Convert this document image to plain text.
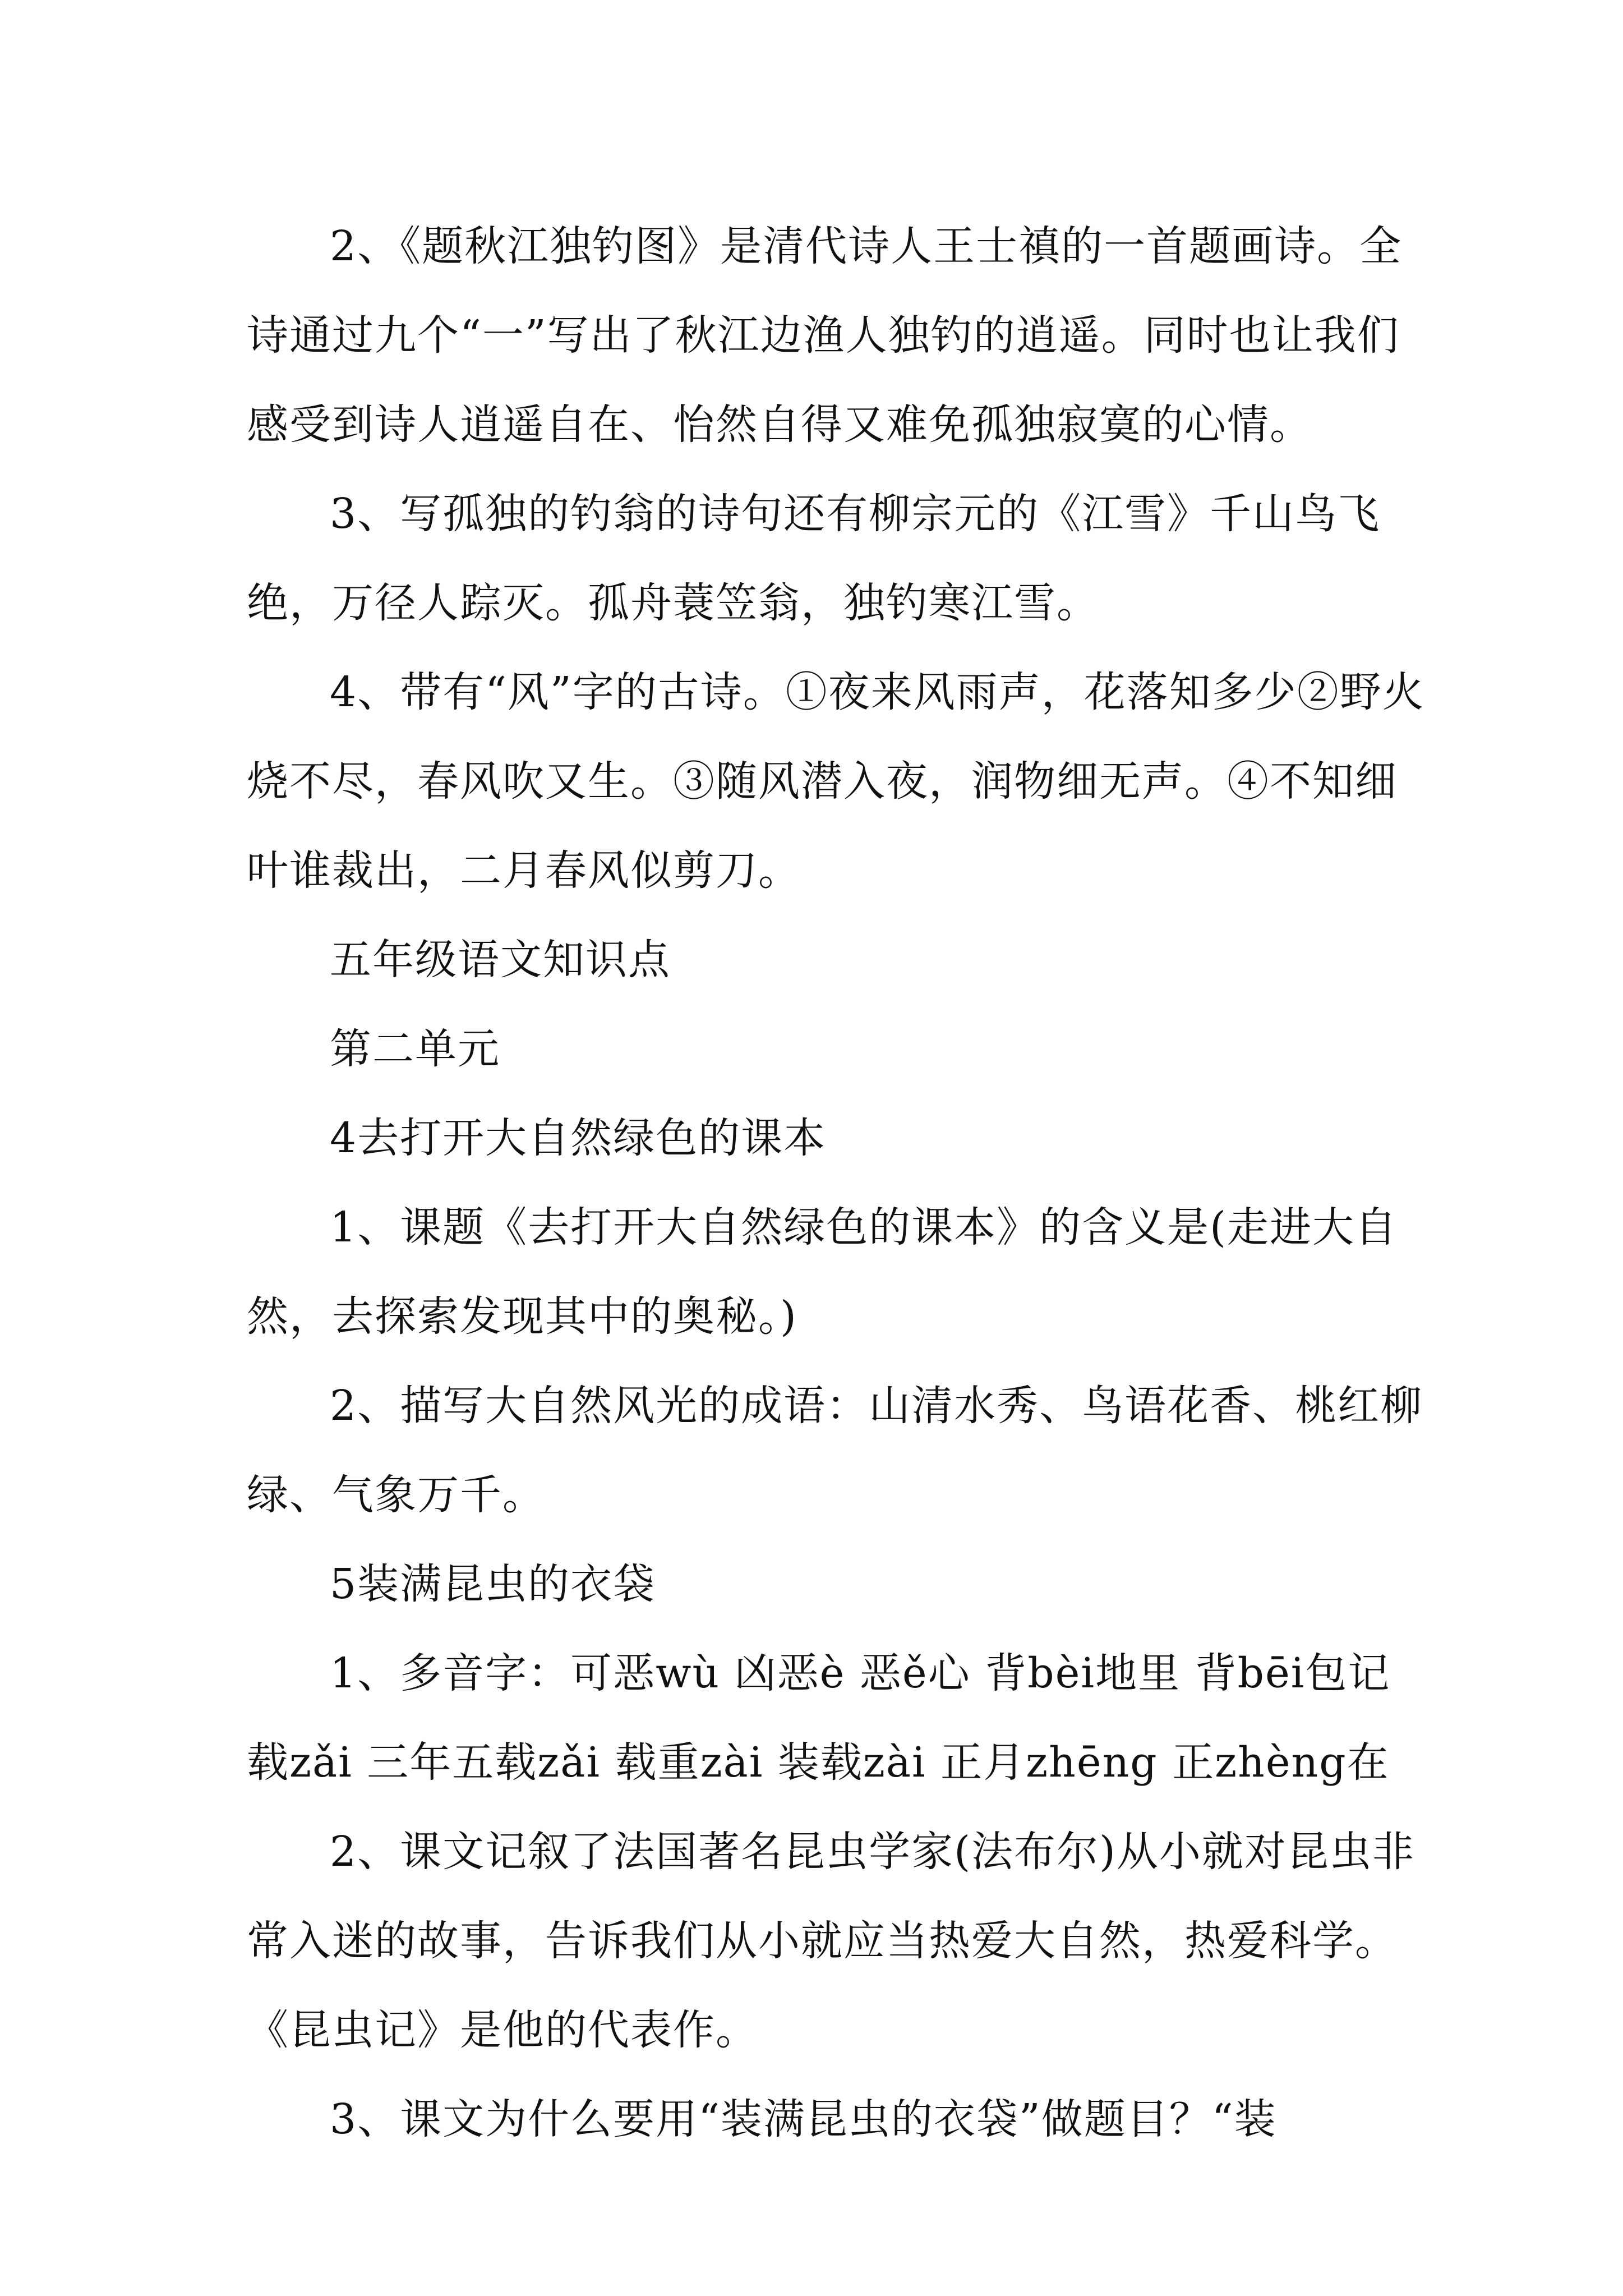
2、《题秋江独钓图》是清代诗人王士禛的一首题画诗。全诗通过九个“一”写出了秋江边渔人独钓的逍遥。同时也让我们感受到诗人逍遥自在、怡然自得又难免孤独寂寞的心情。

3、写孤独的钓翁的诗句还有柳宗元的《江雪》千山鸟飞绝，万径人踪灭。孤舟蓑笠翁，独钓寒江雪。

4、带有“风”字的古诗。①夜来风雨声，花落知多少②野火烧不尽，春风吹又生。③随风潜入夜，润物细无声。④不知细叶谁裁出，二月春风似剪刀。

五年级语文知识点

第二单元

4去打开大自然绿色的课本

1、课题《去打开大自然绿色的课本》的含义是(走进大自然，去探索发现其中的奥秘。)

2、描写大自然风光的成语：山清水秀、鸟语花香、桃红柳绿、气象万千。

5装满昆虫的衣袋

1、多音字：可恶wù 凶恶è 恶ě心 背bèi地里 背bēi包记载zǎi 三年五载zǎi 载重zài 装载zài 正月zhēng 正zhèng在

2、课文记叙了法国著名昆虫学家(法布尔)从小就对昆虫非常入迷的故事，告诉我们从小就应当热爱大自然，热爱科学。《昆虫记》是他的代表作。

3、课文为什么要用“装满昆虫的衣袋”做题目？“装
